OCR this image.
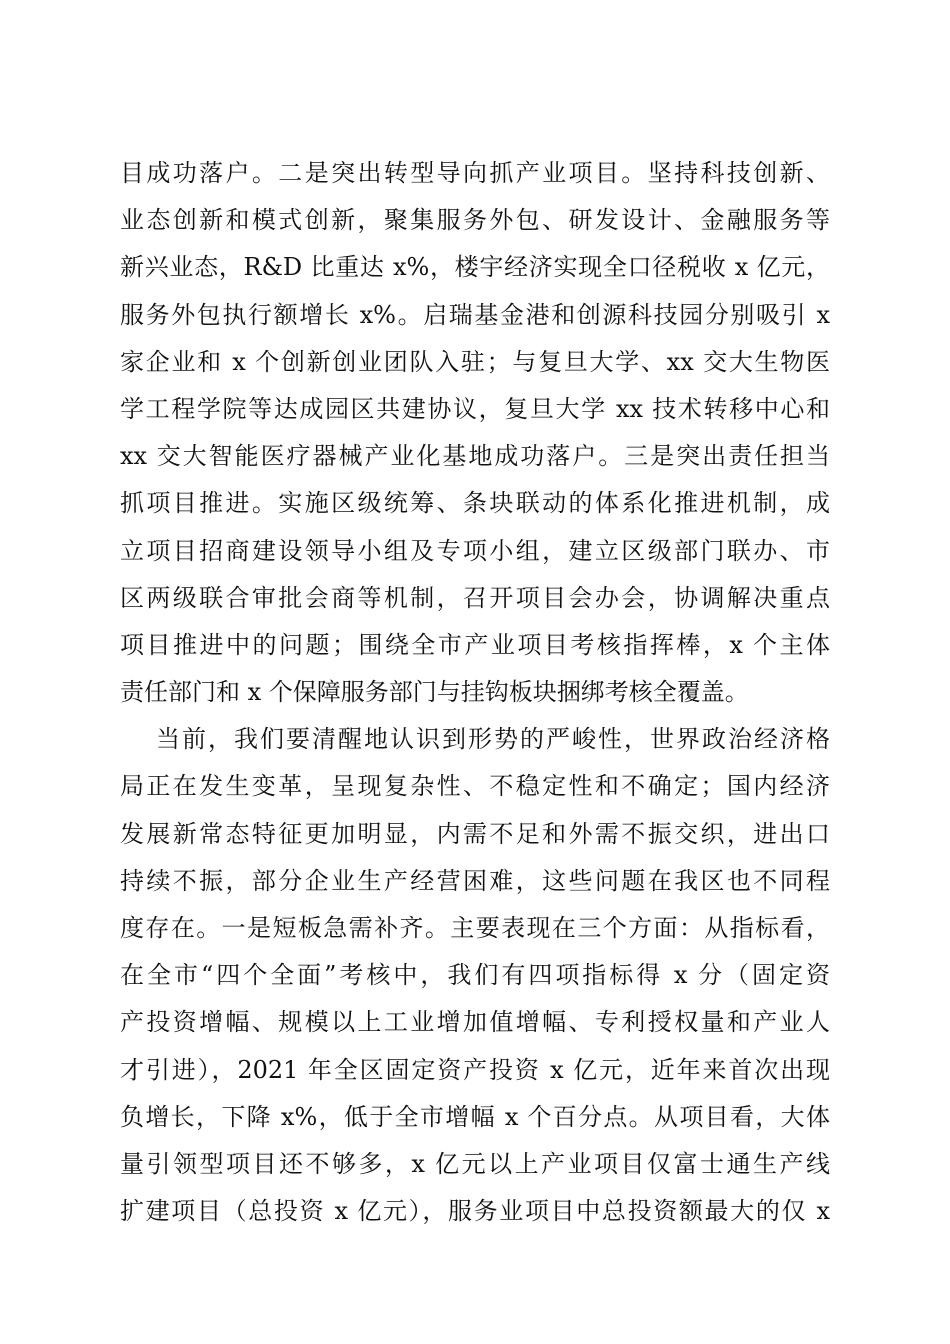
目成功落户。二是突出转型导向抓产业项目。坚持科技创新、
业态创新和模式创新，聚集服务外包、研发设计、金融服务等
新兴业态，R&D 比重达 x%，楼宇经济实现全口径税收 x 亿元，
服务外包执行额增长 x%。启瑞基金港和创源科技园分别吸引 x
家企业和 x 个创新创业团队入驻；与复旦大学、xx 交大生物医
学工程学院等达成园区共建协议，复旦大学 xx 技术转移中心和
xx 交大智能医疗器械产业化基地成功落户。三是突出责任担当
抓项目推进。实施区级统筹、条块联动的体系化推进机制，成
立项目招商建设领导小组及专项小组，建立区级部门联办、市
区两级联合审批会商等机制，召开项目会办会，协调解决重点
项目推进中的问题；围绕全市产业项目考核指挥棒，x 个主体
责任部门和 x 个保障服务部门与挂钩板块捆绑考核全覆盖。
当前，我们要清醒地认识到形势的严峻性，世界政治经济格
局正在发生变革，呈现复杂性、不稳定性和不确定；国内经济
发展新常态特征更加明显，内需不足和外需不振交织，进出口
持续不振，部分企业生产经营困难，这些问题在我区也不同程
度存在。一是短板急需补齐。主要表现在三个方面：从指标看，
在全市“四个全面”考核中，我们有四项指标得 x 分（固定资
产投资增幅、规模以上工业增加值增幅、专利授权量和产业人
才引进），2021 年全区固定资产投资 x 亿元，近年来首次出现
负增长，下降 x%，低于全市增幅 x 个百分点。从项目看，大体
量引领型项目还不够多，x 亿元以上产业项目仅富士通生产线
扩建项目（总投资 x 亿元），服务业项目中总投资额最大的仅 x
